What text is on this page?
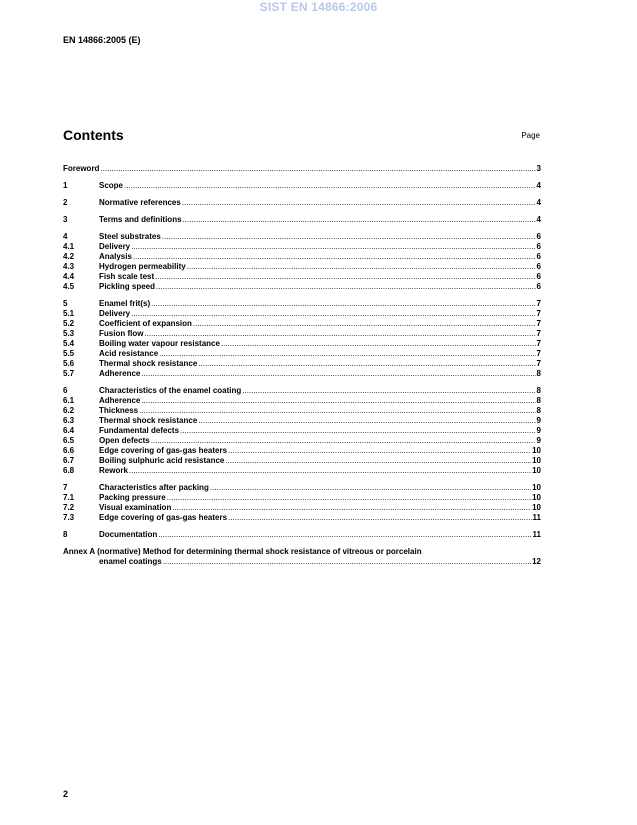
SIST EN 14866:2006
EN 14866:2005 (E)
Contents	Page
Foreword .....	3
1	Scope .....	4
2	Normative references .....	4
3	Terms and definitions .....	4
4	Steel substrates .....	6
4.1	Delivery .....	6
4.2	Analysis .....	6
4.3	Hydrogen permeability .....	6
4.4	Fish scale test .....	6
4.5	Pickling speed .....	6
5	Enamel frit(s) .....	7
5.1	Delivery .....	7
5.2	Coefficient of expansion .....	7
5.3	Fusion flow .....	7
5.4	Boiling water vapour resistance .....	7
5.5	Acid resistance .....	7
5.6	Thermal shock resistance .....	7
5.7	Adherence .....	8
6	Characteristics of the enamel coating .....	8
6.1	Adherence .....	8
6.2	Thickness .....	8
6.3	Thermal shock resistance .....	9
6.4	Fundamental defects .....	9
6.5	Open defects .....	9
6.6	Edge covering of gas-gas heaters .....	10
6.7	Boiling sulphuric acid resistance .....	10
6.8	Rework .....	10
7	Characteristics after packing .....	10
7.1	Packing pressure .....	10
7.2	Visual examination .....	10
7.3	Edge covering of gas-gas heaters .....	11
8	Documentation .....	11
Annex A (normative) Method for determining thermal shock resistance of vitreous or porcelain
enamel coatings .....	12
2
